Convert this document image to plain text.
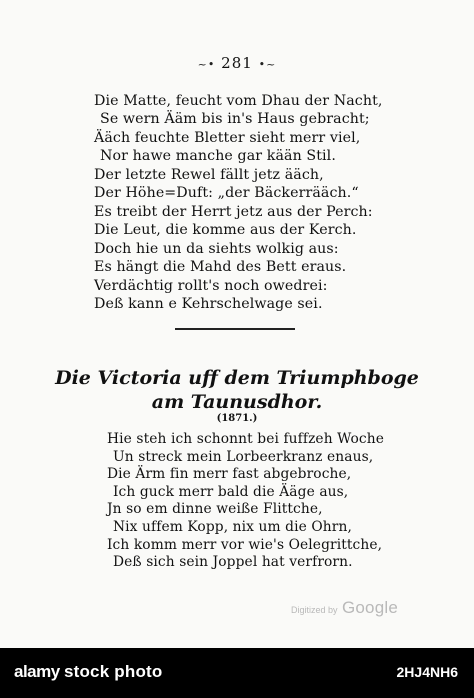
~• 281 •~
Die Matte, feucht vom Dhau der Nacht,
Se wern Ääm bis in's Haus gebracht;
Ääch feuchte Bletter sieht merr viel,
Nor hawe manche gar kään Stil.
Der letzte Rewel fällt jetz ääch,
Der Höhe=Duft: „der Bäckerrääch.“
Es treibt der Herrt jetz aus der Perch:
Die Leut, die komme aus der Kerch.
Doch hie un da siehts wolkig aus:
Es hängt die Mahd des Bett eraus.
Verdächtig rollt's noch owedrei:
Deß kann e Kehrschelwage sei.
Die Victoria uff dem Triumphboge
am Taunusdhor.
(1871.)
Hie steh ich schonnt bei fuffzeh Woche
Un streck mein Lorbeerkranz enaus,
Die Ärm fin merr fast abgebroche,
Ich guck merr bald die Ääge aus,
Jn so em dinne weiße Flittche,
Nix uffem Kopp, nix um die Ohrn,
Ich komm merr vor wie's Oelegrittche,
Deß sich sein Joppel hat verfrorn.
Digitized by Google
alamy stock photo	2HJ4NH6
